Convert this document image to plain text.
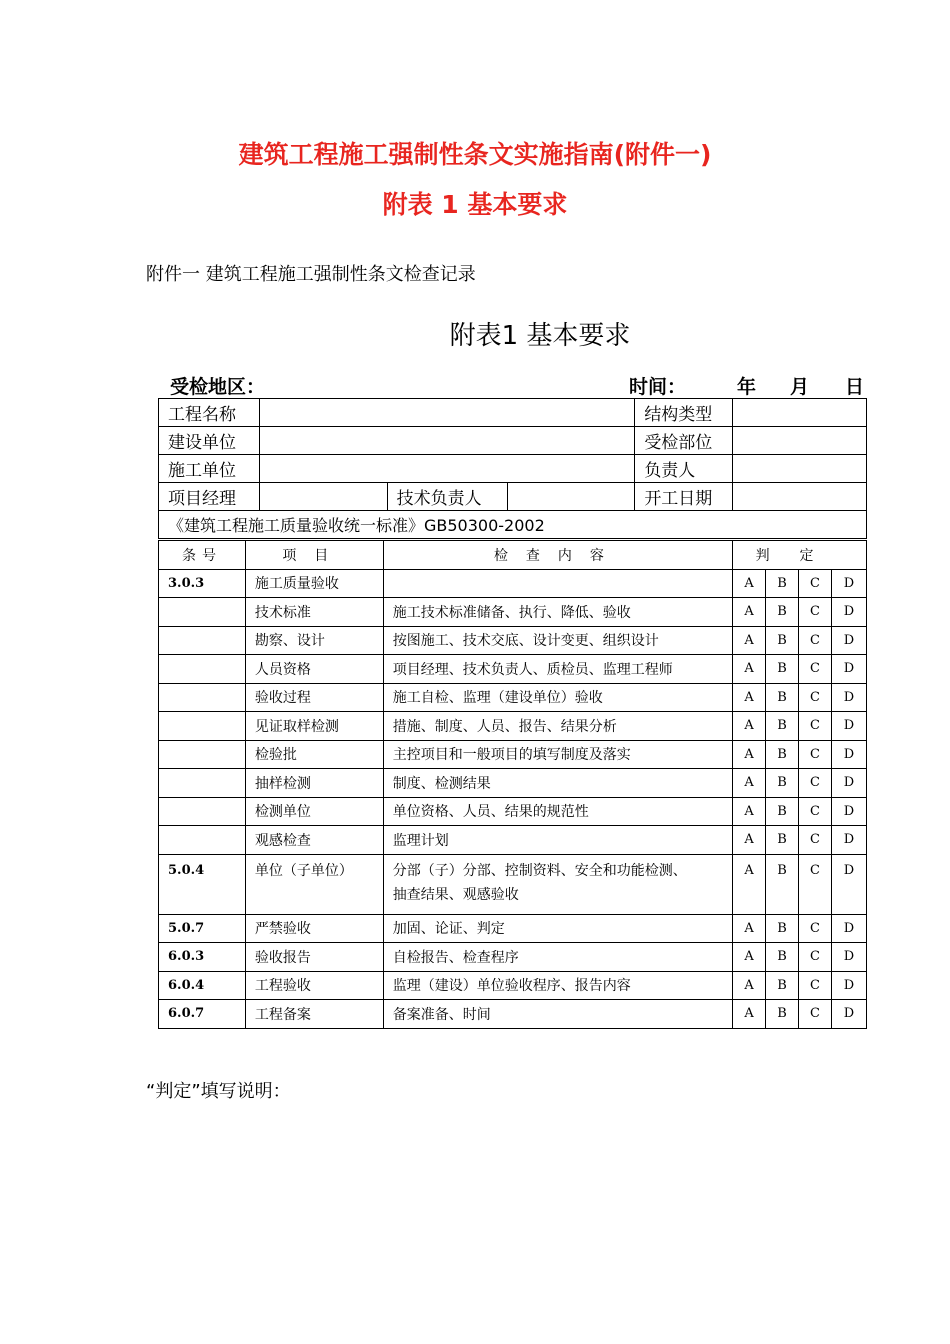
建筑工程施工强制性条文实施指南(附件一)
附表 1 基本要求
附件一 建筑工程施工强制性条文检查记录
附表1 基本要求
受检地区：	时间：	年 月 日
工程名称				结构类型	
建设单位				受检部位	
施工单位				负责人	
项目经理		技术负责人		开工日期	
《建筑工程施工质量验收统一标准》GB50300-2002					
条号	项目	检查内容	判定			
3.0.3	施工质量验收		A	B	C	D
	技术标准	施工技术标准储备、执行、降低、验收	A	B	C	D
	勘察、设计	按图施工、技术交底、设计变更、组织设计	A	B	C	D
	人员资格	项目经理、技术负责人、质检员、监理工程师	A	B	C	D
	验收过程	施工自检、监理（建设单位）验收	A	B	C	D
	见证取样检测	措施、制度、人员、报告、结果分析	A	B	C	D
	检验批	主控项目和一般项目的填写制度及落实	A	B	C	D
	抽样检测	制度、检测结果	A	B	C	D
	检测单位	单位资格、人员、结果的规范性	A	B	C	D
	观感检查	监理计划	A	B	C	D
5.0.4	单位（子单位）	分部（子）分部、控制资料、安全和功能检测、
抽查结果、观感验收	A	B	C	D
5.0.7	严禁验收	加固、论证、判定	A	B	C	D
6.0.3	验收报告	自检报告、检查程序	A	B	C	D
6.0.4	工程验收	监理（建设）单位验收程序、报告内容	A	B	C	D
6.0.7	工程备案	备案准备、时间	A	B	C	D
“判定”填写说明：
